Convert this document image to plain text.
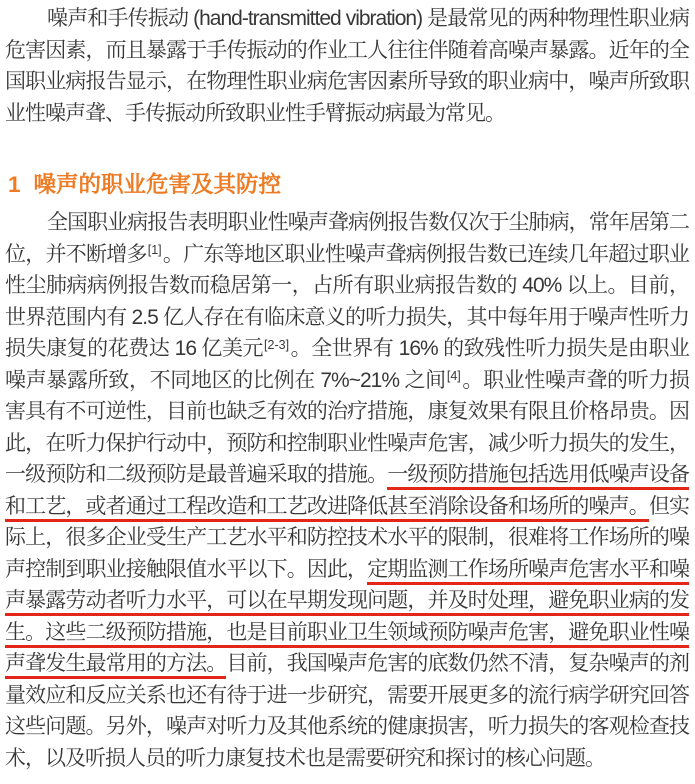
噪声和手传振动 (hand-transmitted vibration) 是最常见的两种物理性职业病危害因素，而且暴露于手传振动的作业工人往往伴随着高噪声暴露。近年的全国职业病报告显示，在物理性职业病危害因素所导致的职业病中，噪声所致职业性噪声聋、手传振动所致职业性手臂振动病最为常见。

1 噪声的职业危害及其防控

全国职业病报告表明职业性噪声聋病例报告数仅次于尘肺病，常年居第二位，并不断增多[1]。广东等地区职业性噪声聋病例报告数已连续几年超过职业性尘肺病病例报告数而稳居第一，占所有职业病报告数的 40% 以上。目前，世界范围内有 2.5 亿人存在有临床意义的听力损失，其中每年用于噪声性听力损失康复的花费达 16 亿美元[2-3]。全世界有 16% 的致残性听力损失是由职业噪声暴露所致，不同地区的比例在 7%~21% 之间[4]。职业性噪声聋的听力损害具有不可逆性，目前也缺乏有效的治疗措施，康复效果有限且价格昂贵。因此，在听力保护行动中，预防和控制职业性噪声危害，减少听力损失的发生，一级预防和二级预防是最普遍采取的措施。一级预防措施包括选用低噪声设备和工艺，或者通过工程改造和工艺改进降低甚至消除设备和场所的噪声。但实际上，很多企业受生产工艺水平和防控技术水平的限制，很难将工作场所的噪声控制到职业接触限值水平以下。因此，定期监测工作场所噪声危害水平和噪声暴露劳动者听力水平，可以在早期发现问题，并及时处理，避免职业病的发生。这些二级预防措施，也是目前职业卫生领域预防噪声危害，避免职业性噪声聋发生最常用的方法。目前，我国噪声危害的底数仍然不清，复杂噪声的剂量效应和反应关系也还有待于进一步研究，需要开展更多的流行病学研究回答这些问题。另外，噪声对听力及其他系统的健康损害，听力损失的客观检查技术，以及听损人员的听力康复技术也是需要研究和探讨的核心问题。
